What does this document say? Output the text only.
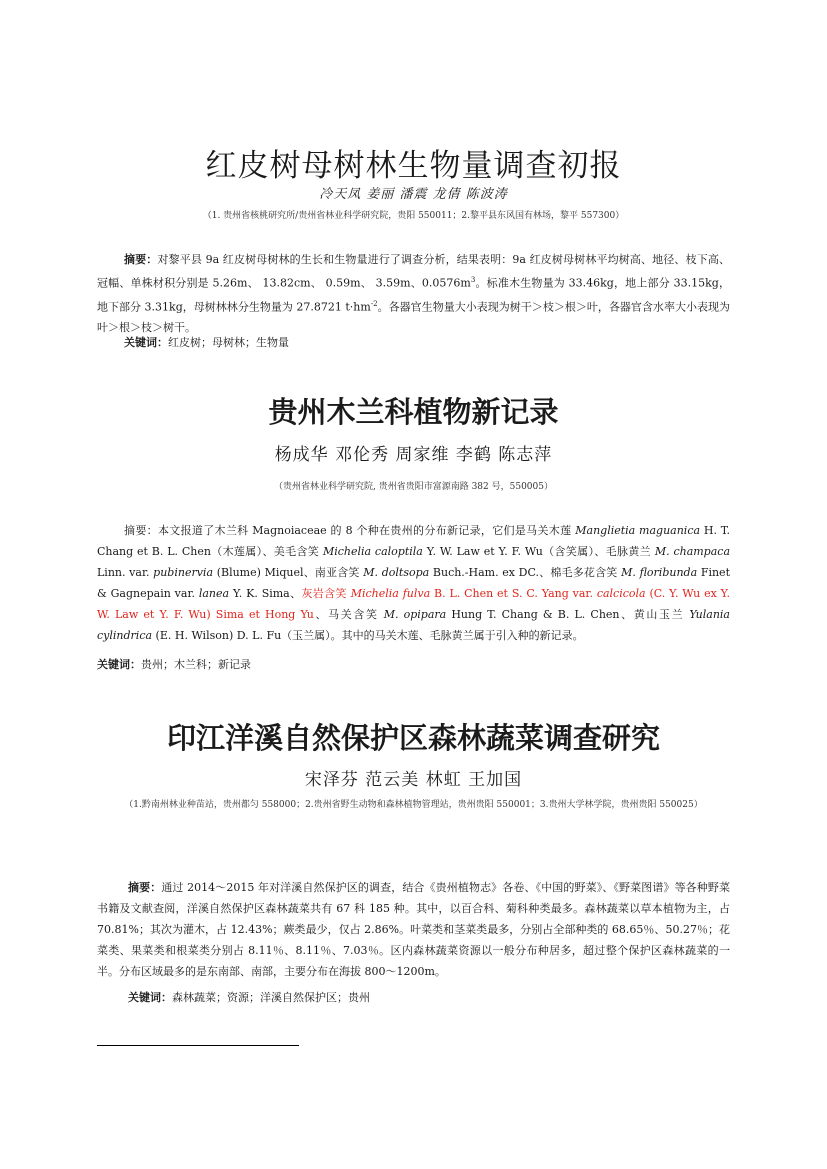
红皮树母树林生物量调查初报
冷天凤 姜丽 潘震 龙倩 陈波涛
（1. 贵州省核桃研究所/贵州省林业科学研究院，贵阳 550011；2.黎平县东风国有林场，黎平 557300）
摘要：对黎平县 9a 红皮树母树林的生长和生物量进行了调查分析，结果表明：9a 红皮树母树林平均树高、地径、枝下高、冠幅、单株材积分别是 5.26m、 13.82cm、 0.59m、 3.59m、$0.0576m^3$。标准木生物量为 33.46kg，地上部分 33.15kg，地下部分 3.31kg，母树林林分生物量为 27.8721 $t\cdot hm^{-2}$。各器官生物量大小表现为树干＞枝＞根＞叶，各器官含水率大小表现为叶＞根＞枝＞树干。
关键词：红皮树；母树林；生物量
贵州木兰科植物新记录
杨成华 邓伦秀 周家维 李鹤 陈志萍
（贵州省林业科学研究院, 贵州省贵阳市富源南路 382 号，550005）
摘要：本文报道了木兰科 Magnoiaceae 的 8 个种在贵州的分布新记录，它们是马关木莲 Manglietia maguanica H. T. Chang et B. L. Chen（木莲属）、美毛含笑 Michelia caloptila Y. W. Law et Y. F. Wu（含笑属）、毛脉黄兰 M. champaca Linn. var. pubinervia (Blume) Miquel、南亚含笑 M. doltsopa Buch.-Ham. ex DC.、棉毛多花含笑 M. floribunda Finet & Gagnepain var. lanea Y. K. Sima、灰岩含笑 Michelia fulva B. L. Chen et S. C. Yang var. calcicola (C. Y. Wu ex Y. W. Law et Y. F. Wu) Sima et Hong Yu、马关含笑 M. opipara Hung T. Chang & B. L. Chen、黄山玉兰 Yulania cylindrica (E. H. Wilson) D. L. Fu（玉兰属）。其中的马关木莲、毛脉黄兰属于引入种的新记录。
关键词：贵州；木兰科；新记录
印江洋溪自然保护区森林蔬菜调查研究
宋泽芬 范云美 林虹 王加国
（1.黔南州林业种苗站，贵州都匀 558000；2.贵州省野生动物和森林植物管理站，贵州贵阳 550001；3.贵州大学林学院，贵州贵阳 550025）
摘要：通过 2014～2015 年对洋溪自然保护区的调查，结合《贵州植物志》各卷、《中国的野菜》、《野菜图谱》等各种野菜书籍及文献查阅，洋溪自然保护区森林蔬菜共有 67 科 185 种。其中，以百合科、菊科种类最多。森林蔬菜以草本植物为主，占 70.81%；其次为灌木，占 12.43%；蕨类最少，仅占 2.86%。叶菜类和茎菜类最多，分别占全部种类的 68.65％、50.27％；花菜类、果菜类和根菜类分别占 8.11％、8.11％、7.03％。区内森林蔬菜资源以一般分布种居多，超过整个保护区森林蔬菜的一半。分布区域最多的是东南部、南部，主要分布在海拔 800～1200m。
关键词：森林蔬菜；资源；洋溪自然保护区；贵州
